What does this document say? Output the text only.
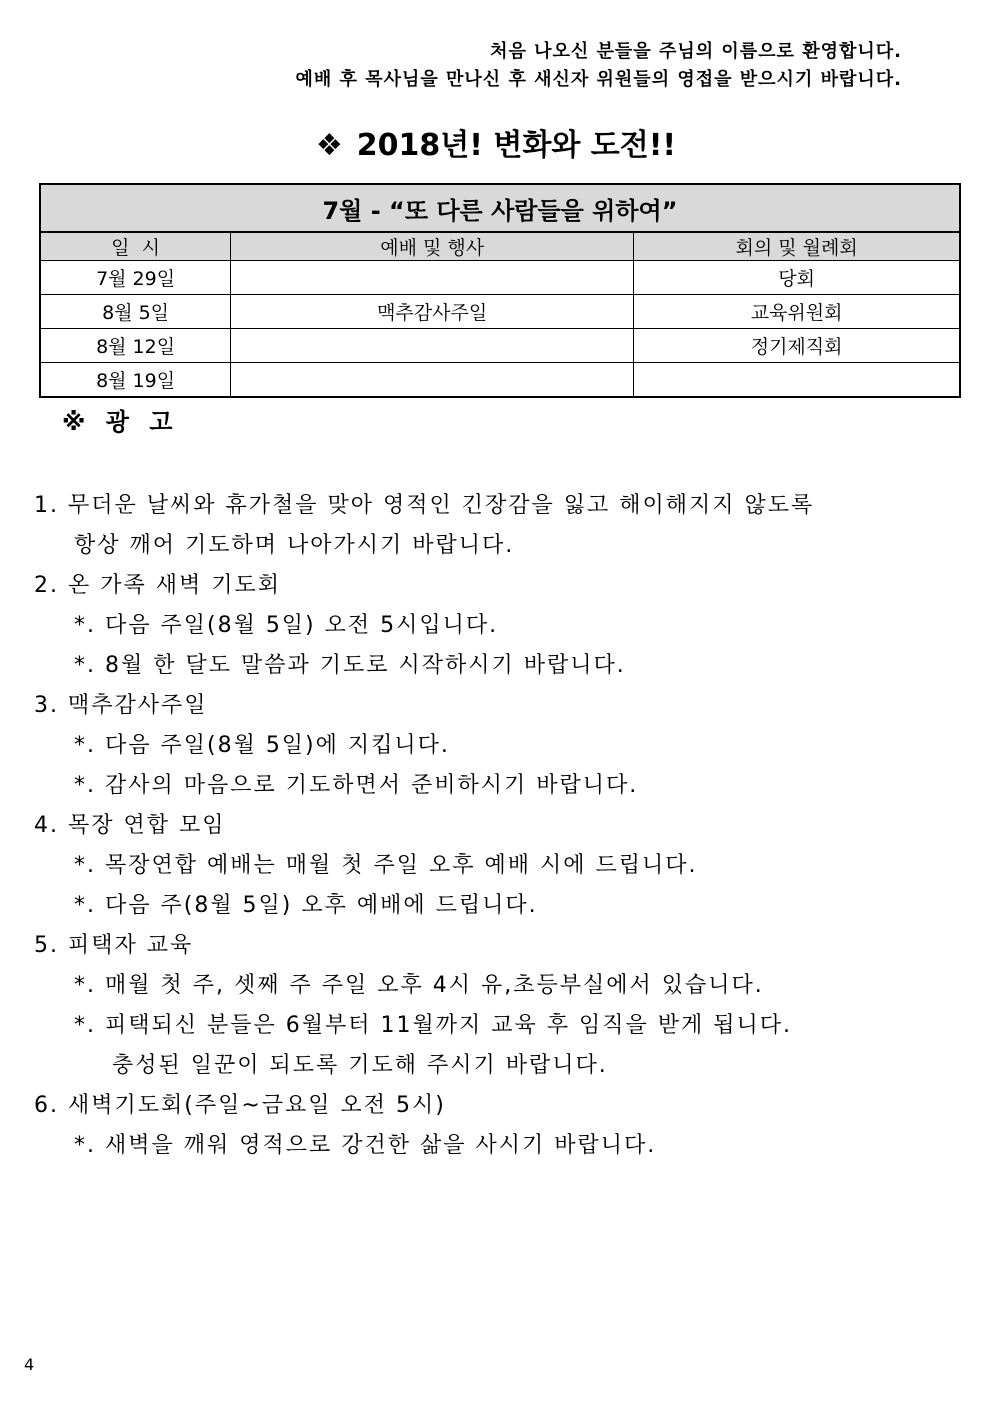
처음 나오신 분들을 주님의 이름으로 환영합니다.
예배 후 목사님을 만나신 후 새신자 위원들의 영접을 받으시기 바랍니다.
❖ 2018년! 변화와 도전!!
7월 - “또 다른 사람들을 위하여”		
일  시	예배 및 행사	회의 및 월례회
7월 29일		당회
8월 5일	맥추감사주일	교육위원회
8월 12일		정기제직회
8월 19일		
※ 광 고
1. 무더운 날씨와 휴가철을 맞아 영적인 긴장감을 잃고 해이해지지 않도록
항상 깨어 기도하며 나아가시기 바랍니다.
2. 온 가족 새벽 기도회
*. 다음 주일(8월 5일) 오전 5시입니다.
*. 8월 한 달도 말씀과 기도로 시작하시기 바랍니다.
3. 맥추감사주일
*. 다음 주일(8월 5일)에 지킵니다.
*. 감사의 마음으로 기도하면서 준비하시기 바랍니다.
4. 목장 연합 모임
*. 목장연합 예배는 매월 첫 주일 오후 예배 시에 드립니다.
*. 다음 주(8월 5일) 오후 예배에 드립니다.
5. 피택자 교육
*. 매월 첫 주, 셋째 주 주일 오후 4시 유,초등부실에서 있습니다.
*. 피택되신 분들은 6월부터 11월까지 교육 후 임직을 받게 됩니다.
충성된 일꾼이 되도록 기도해 주시기 바랍니다.
6. 새벽기도회(주일~금요일 오전 5시)
*. 새벽을 깨워 영적으로 강건한 삶을 사시기 바랍니다.
4
